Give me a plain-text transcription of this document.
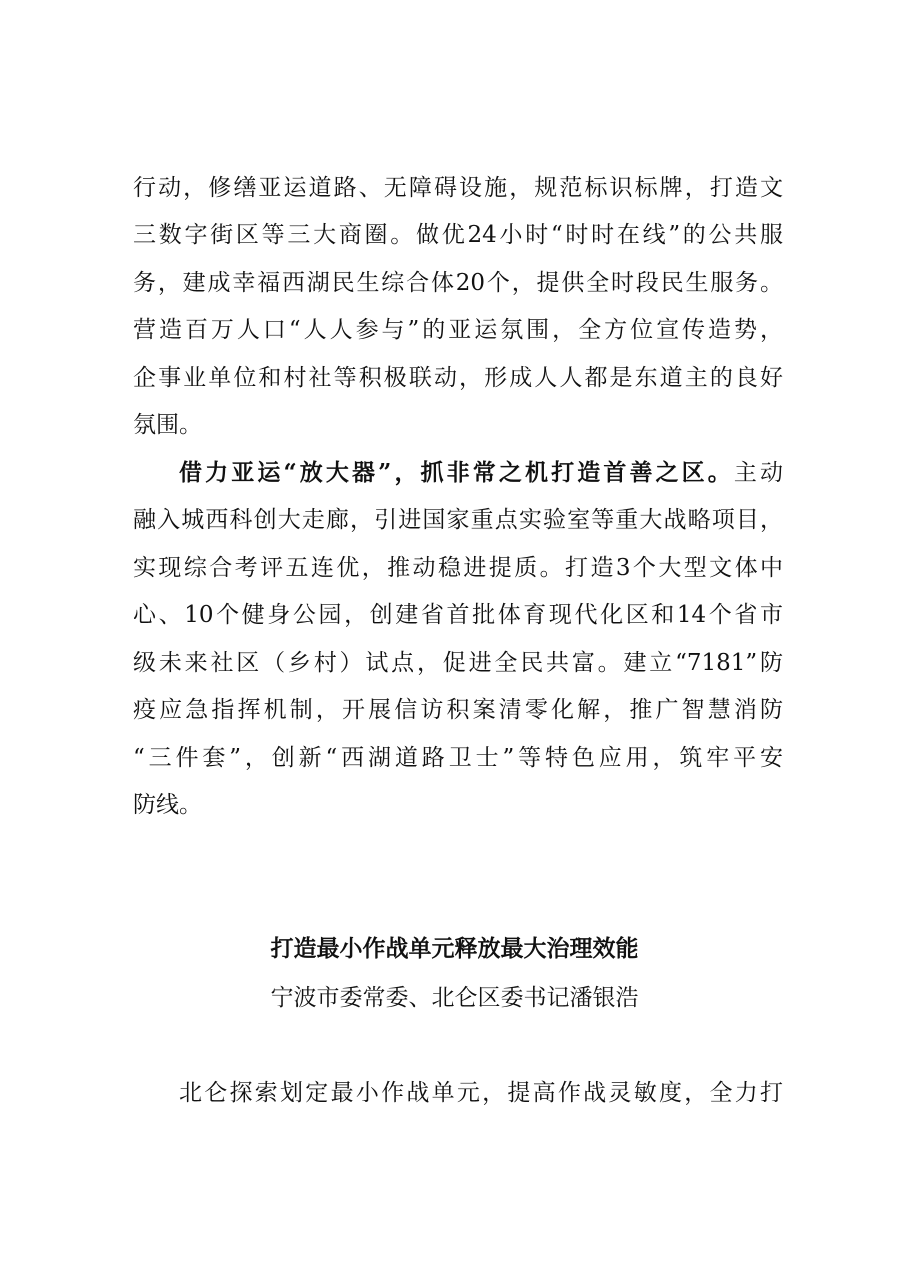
行动，修缮亚运道路、无障碍设施，规范标识标牌，打造文
三数字街区等三大商圈。做优24小时“时时在线”的公共服
务，建成幸福西湖民生综合体20个，提供全时段民生服务。
营造百万人口“人人参与”的亚运氛围，全方位宣传造势，
企事业单位和村社等积极联动，形成人人都是东道主的良好
氛围。
借力亚运“放大器”，抓非常之机打造首善之区。主动
融入城西科创大走廊，引进国家重点实验室等重大战略项目，
实现综合考评五连优，推动稳进提质。打造3个大型文体中
心、10个健身公园，创建省首批体育现代化区和14个省市
级未来社区（乡村）试点，促进全民共富。建立“7181”防
疫应急指挥机制，开展信访积案清零化解，推广智慧消防
“三件套”，创新“西湖道路卫士”等特色应用，筑牢平安
防线。
打造最小作战单元释放最大治理效能
宁波市委常委、北仑区委书记潘银浩
北仑探索划定最小作战单元，提高作战灵敏度，全力打
